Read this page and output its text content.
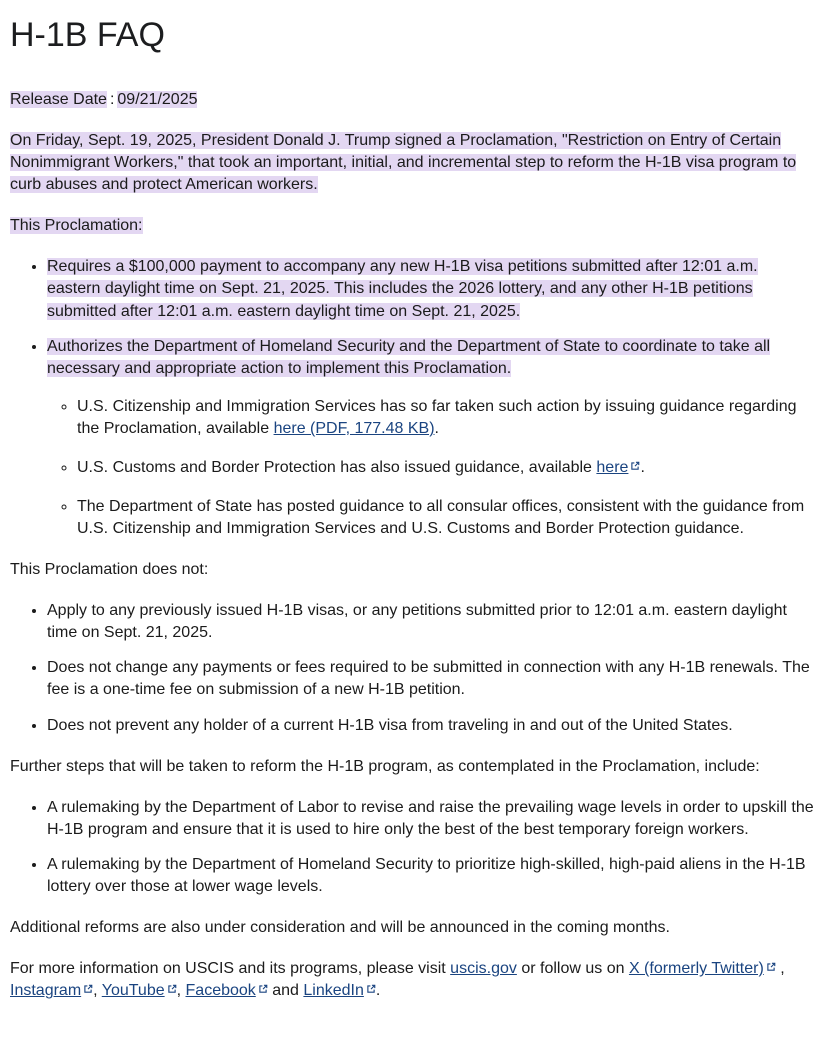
H-1B FAQ

Release Date : 09/21/2025

On Friday, Sept. 19, 2025, President Donald J. Trump signed a Proclamation, "Restriction on Entry of Certain Nonimmigrant Workers," that took an important, initial, and incremental step to reform the H-1B visa program to curb abuses and protect American workers.

This Proclamation:

• Requires a $100,000 payment to accompany any new H-1B visa petitions submitted after 12:01 a.m. eastern daylight time on Sept. 21, 2025. This includes the 2026 lottery, and any other H-1B petitions submitted after 12:01 a.m. eastern daylight time on Sept. 21, 2025.
• Authorizes the Department of Homeland Security and the Department of State to coordinate to take all necessary and appropriate action to implement this Proclamation.
◦ U.S. Citizenship and Immigration Services has so far taken such action by issuing guidance regarding the Proclamation, available here (PDF, 177.48 KB).
◦ U.S. Customs and Border Protection has also issued guidance, available here .
◦ The Department of State has posted guidance to all consular offices, consistent with the guidance from U.S. Citizenship and Immigration Services and U.S. Customs and Border Protection guidance.

This Proclamation does not:

• Apply to any previously issued H-1B visas, or any petitions submitted prior to 12:01 a.m. eastern daylight time on Sept. 21, 2025.
• Does not change any payments or fees required to be submitted in connection with any H-1B renewals. The fee is a one-time fee on submission of a new H-1B petition.
• Does not prevent any holder of a current H-1B visa from traveling in and out of the United States.

Further steps that will be taken to reform the H-1B program, as contemplated in the Proclamation, include:

• A rulemaking by the Department of Labor to revise and raise the prevailing wage levels in order to upskill the H-1B program and ensure that it is used to hire only the best of the best temporary foreign workers.
• A rulemaking by the Department of Homeland Security to prioritize high-skilled, high-paid aliens in the H-1B lottery over those at lower wage levels.

Additional reforms are also under consideration and will be announced in the coming months.

For more information on USCIS and its programs, please visit uscis.gov or follow us on X (formerly Twitter) , Instagram , YouTube , Facebook and LinkedIn .
